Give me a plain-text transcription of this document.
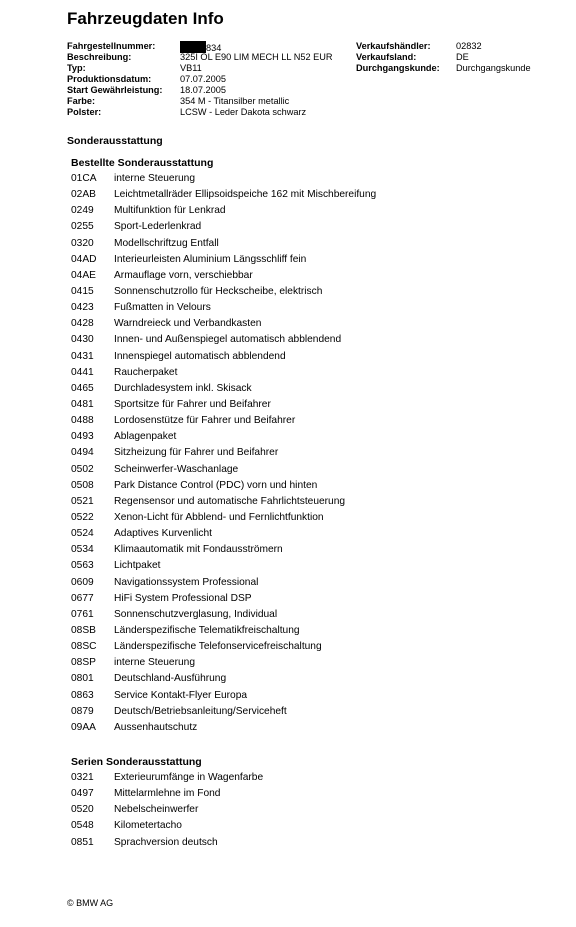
Fahrzeugdaten Info
Fahrgestellnummer:	834	Verkaufshändler:	02832
Beschreibung:	325I OL E90 LIM MECH LL N52 EUR	Verkaufsland:	DE
Typ:	VB11	Durchgangskunde:	Durchgangskunde
Produktionsdatum:	07.07.2005
Start Gewährleistung:	18.07.2005
Farbe:	354 M - Titansilber metallic
Polster:	LCSW - Leder Dakota schwarz
Sonderausstattung
Bestellte Sonderausstattung
01CA	interne Steuerung
02AB	Leichtmetallräder Ellipsoidspeiche 162 mit Mischbereifung
0249	Multifunktion für Lenkrad
0255	Sport-Lederlenkrad
0320	Modellschriftzug Entfall
04AD	Interieurleisten Aluminium Längsschliff fein
04AE	Armauflage vorn, verschiebbar
0415	Sonnenschutzrollo für Heckscheibe, elektrisch
0423	Fußmatten in Velours
0428	Warndreieck und Verbandkasten
0430	Innen- und Außenspiegel automatisch abblendend
0431	Innenspiegel automatisch abblendend
0441	Raucherpaket
0465	Durchladesystem inkl. Skisack
0481	Sportsitze für Fahrer und Beifahrer
0488	Lordosenstütze für Fahrer und Beifahrer
0493	Ablagenpaket
0494	Sitzheizung für Fahrer und Beifahrer
0502	Scheinwerfer-Waschanlage
0508	Park Distance Control (PDC) vorn und hinten
0521	Regensensor und automatische Fahrlichtsteuerung
0522	Xenon-Licht für Abblend- und Fernlichtfunktion
0524	Adaptives Kurvenlicht
0534	Klimaautomatik mit Fondausströmern
0563	Lichtpaket
0609	Navigationssystem Professional
0677	HiFi System Professional DSP
0761	Sonnenschutzverglasung, Individual
08SB	Länderspezifische Telematikfreischaltung
08SC	Länderspezifische Telefonservicefreischaltung
08SP	interne Steuerung
0801	Deutschland-Ausführung
0863	Service Kontakt-Flyer Europa
0879	Deutsch/Betriebsanleitung/Serviceheft
09AA	Aussenhautschutz
Serien Sonderausstattung
0321	Exterieurumfänge in Wagenfarbe
0497	Mittelarmlehne im Fond
0520	Nebelscheinwerfer
0548	Kilometertacho
0851	Sprachversion deutsch
© BMW AG
